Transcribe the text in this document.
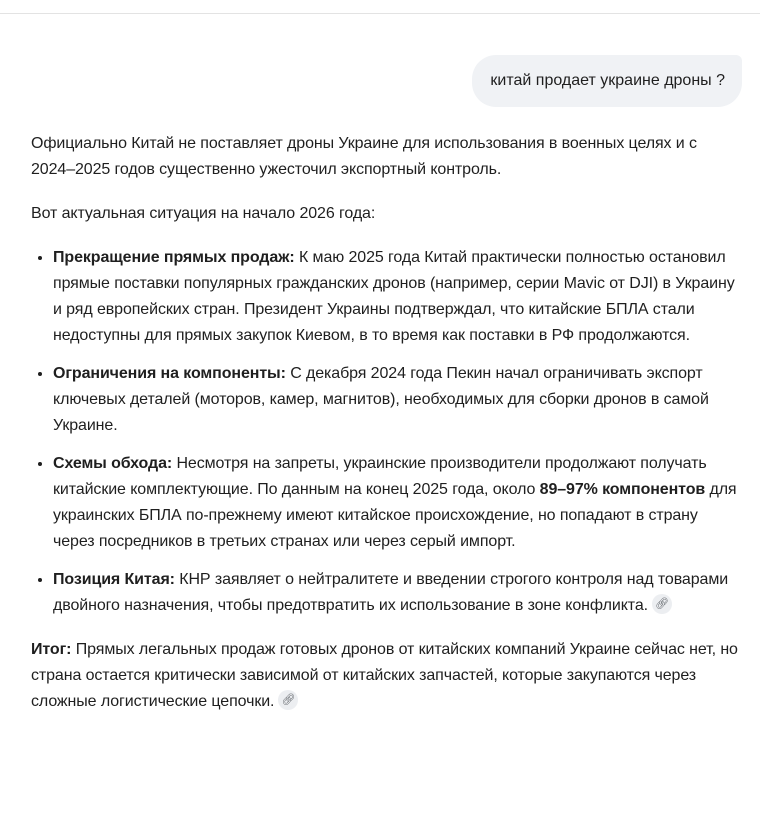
китай продает украине дроны ?

Официально Китай не поставляет дроны Украине для использования в военных целях и с 2024–2025 годов существенно ужесточил экспортный контроль.

Вот актуальная ситуация на начало 2026 года:

• Прекращение прямых продаж: К маю 2025 года Китай практически полностью остановил прямые поставки популярных гражданских дронов (например, серии Mavic от DJI) в Украину и ряд европейских стран. Президент Украины подтверждал, что китайские БПЛА стали недоступны для прямых закупок Киевом, в то время как поставки в РФ продолжаются.
• Ограничения на компоненты: С декабря 2024 года Пекин начал ограничивать экспорт ключевых деталей (моторов, камер, магнитов), необходимых для сборки дронов в самой Украине.
• Схемы обхода: Несмотря на запреты, украинские производители продолжают получать китайские комплектующие. По данным на конец 2025 года, около 89–97% компонентов для украинских БПЛА по-прежнему имеют китайское происхождение, но попадают в страну через посредников в третьих странах или через серый импорт.
• Позиция Китая: КНР заявляет о нейтралитете и введении строгого контроля над товарами двойного назначения, чтобы предотвратить их использование в зоне конфликта. 🔗︎

Итог: Прямых легальных продаж готовых дронов от китайских компаний Украине сейчас нет, но страна остается критически зависимой от китайских запчастей, которые закупаются через сложные логистические цепочки. 🔗︎
